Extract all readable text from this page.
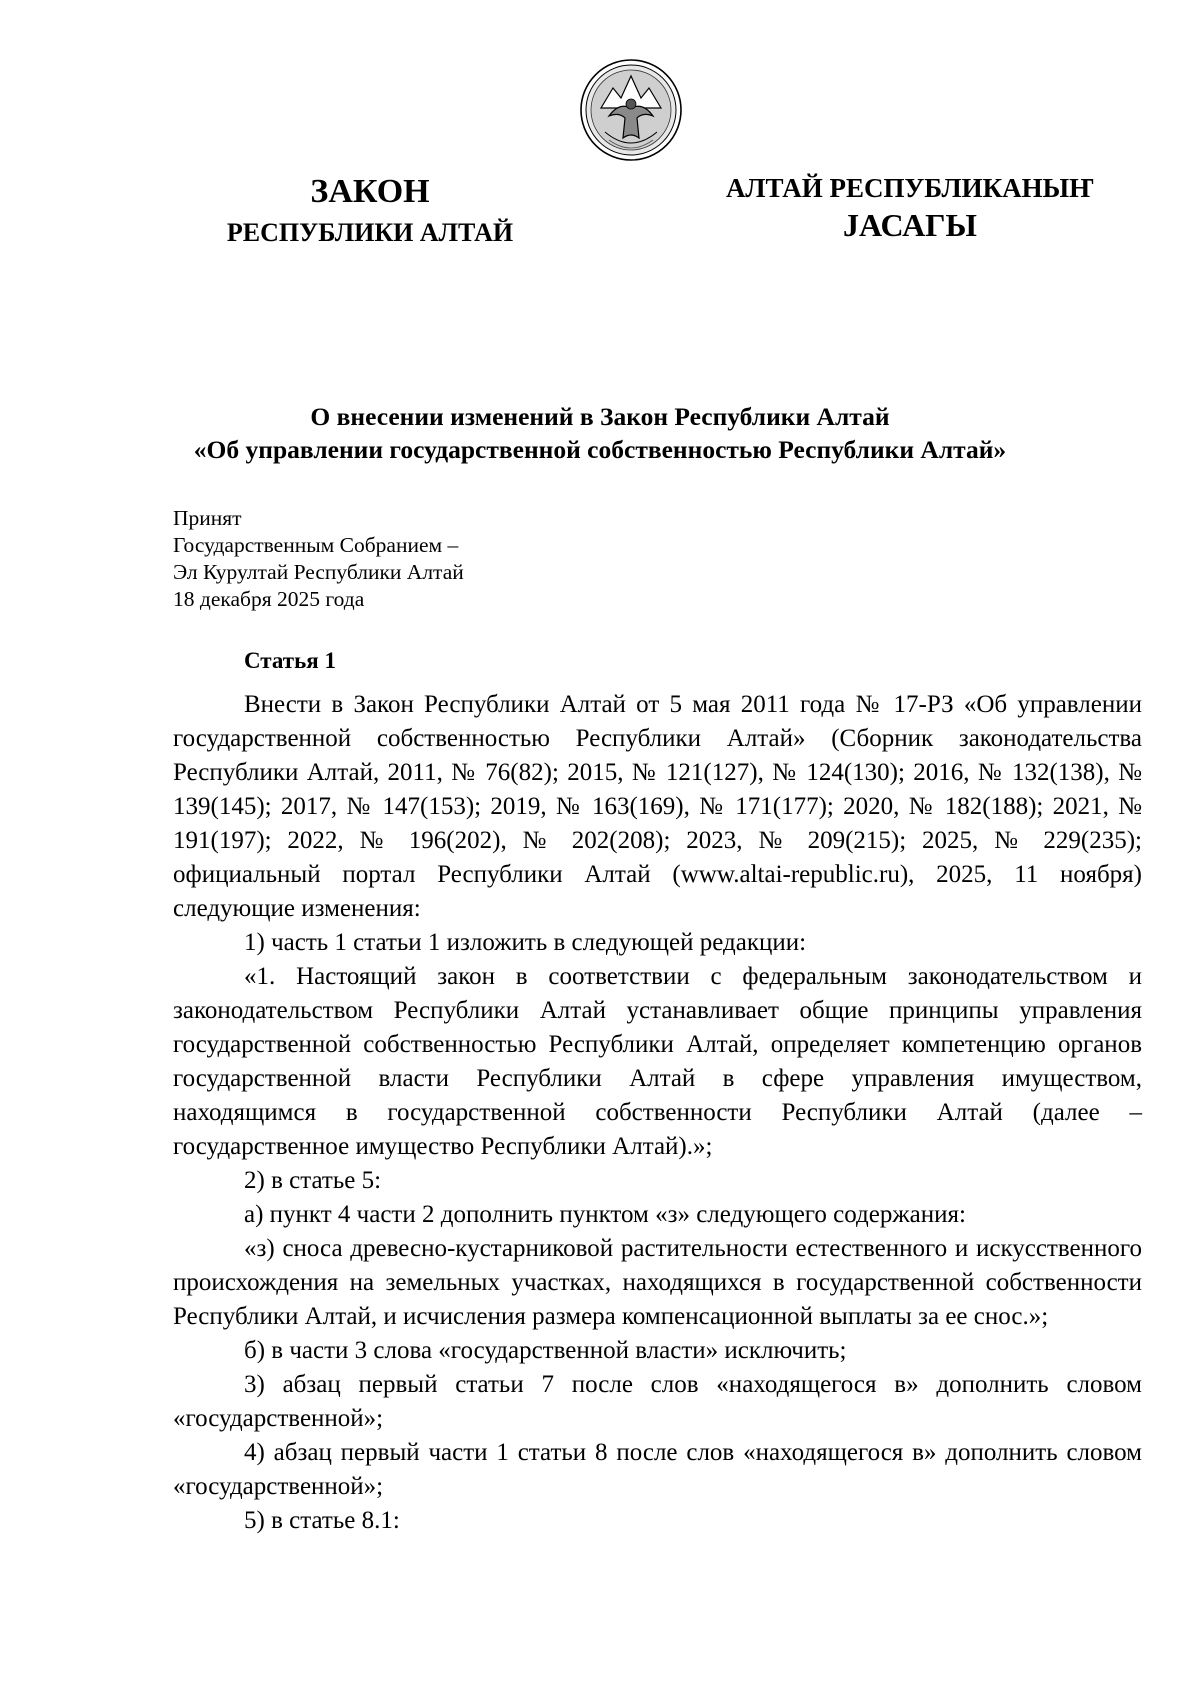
ЗАКОН
РЕСПУБЛИКИ АЛТАЙ
АЛТАЙ РЕСПУБЛИКАНЫҤ
ЈАСАГЫ
О внесении изменений в Закон Республики Алтай
«Об управлении государственной собственностью Республики Алтай»
Принят
Государственным Собранием –
Эл Курултай Республики Алтай
18 декабря 2025 года
Статья 1

Внести в Закон Республики Алтай от 5 мая 2011 года № 17-РЗ «Об управлении государственной собственностью Республики Алтай» (Сборник законодательства Республики Алтай, 2011, № 76(82); 2015, № 121(127), № 124(130); 2016, № 132(138), № 139(145); 2017, № 147(153); 2019, № 163(169), № 171(177); 2020, № 182(188); 2021, № 191(197); 2022, № 196(202), № 202(208); 2023, № 209(215); 2025, № 229(235); официальный портал Республики Алтай (www.altai-republic.ru), 2025, 11 ноября) следующие изменения:

1) часть 1 статьи 1 изложить в следующей редакции:

«1. Настоящий закон в соответствии с федеральным законодательством и законодательством Республики Алтай устанавливает общие принципы управления государственной собственностью Республики Алтай, определяет компетенцию органов государственной власти Республики Алтай в сфере управления имуществом, находящимся в государственной собственности Республики Алтай (далее – государственное имущество Республики Алтай).»;

2) в статье 5:

а) пункт 4 части 2 дополнить пунктом «з» следующего содержания:

«з) сноса древесно-кустарниковой растительности естественного и искусственного происхождения на земельных участках, находящихся в государственной собственности Республики Алтай, и исчисления размера компенсационной выплаты за ее снос.»;

б) в части 3 слова «государственной власти» исключить;

3) абзац первый статьи 7 после слов «находящегося в» дополнить словом «государственной»;

4) абзац первый части 1 статьи 8 после слов «находящегося в» дополнить словом «государственной»;

5) в статье 8.1:
